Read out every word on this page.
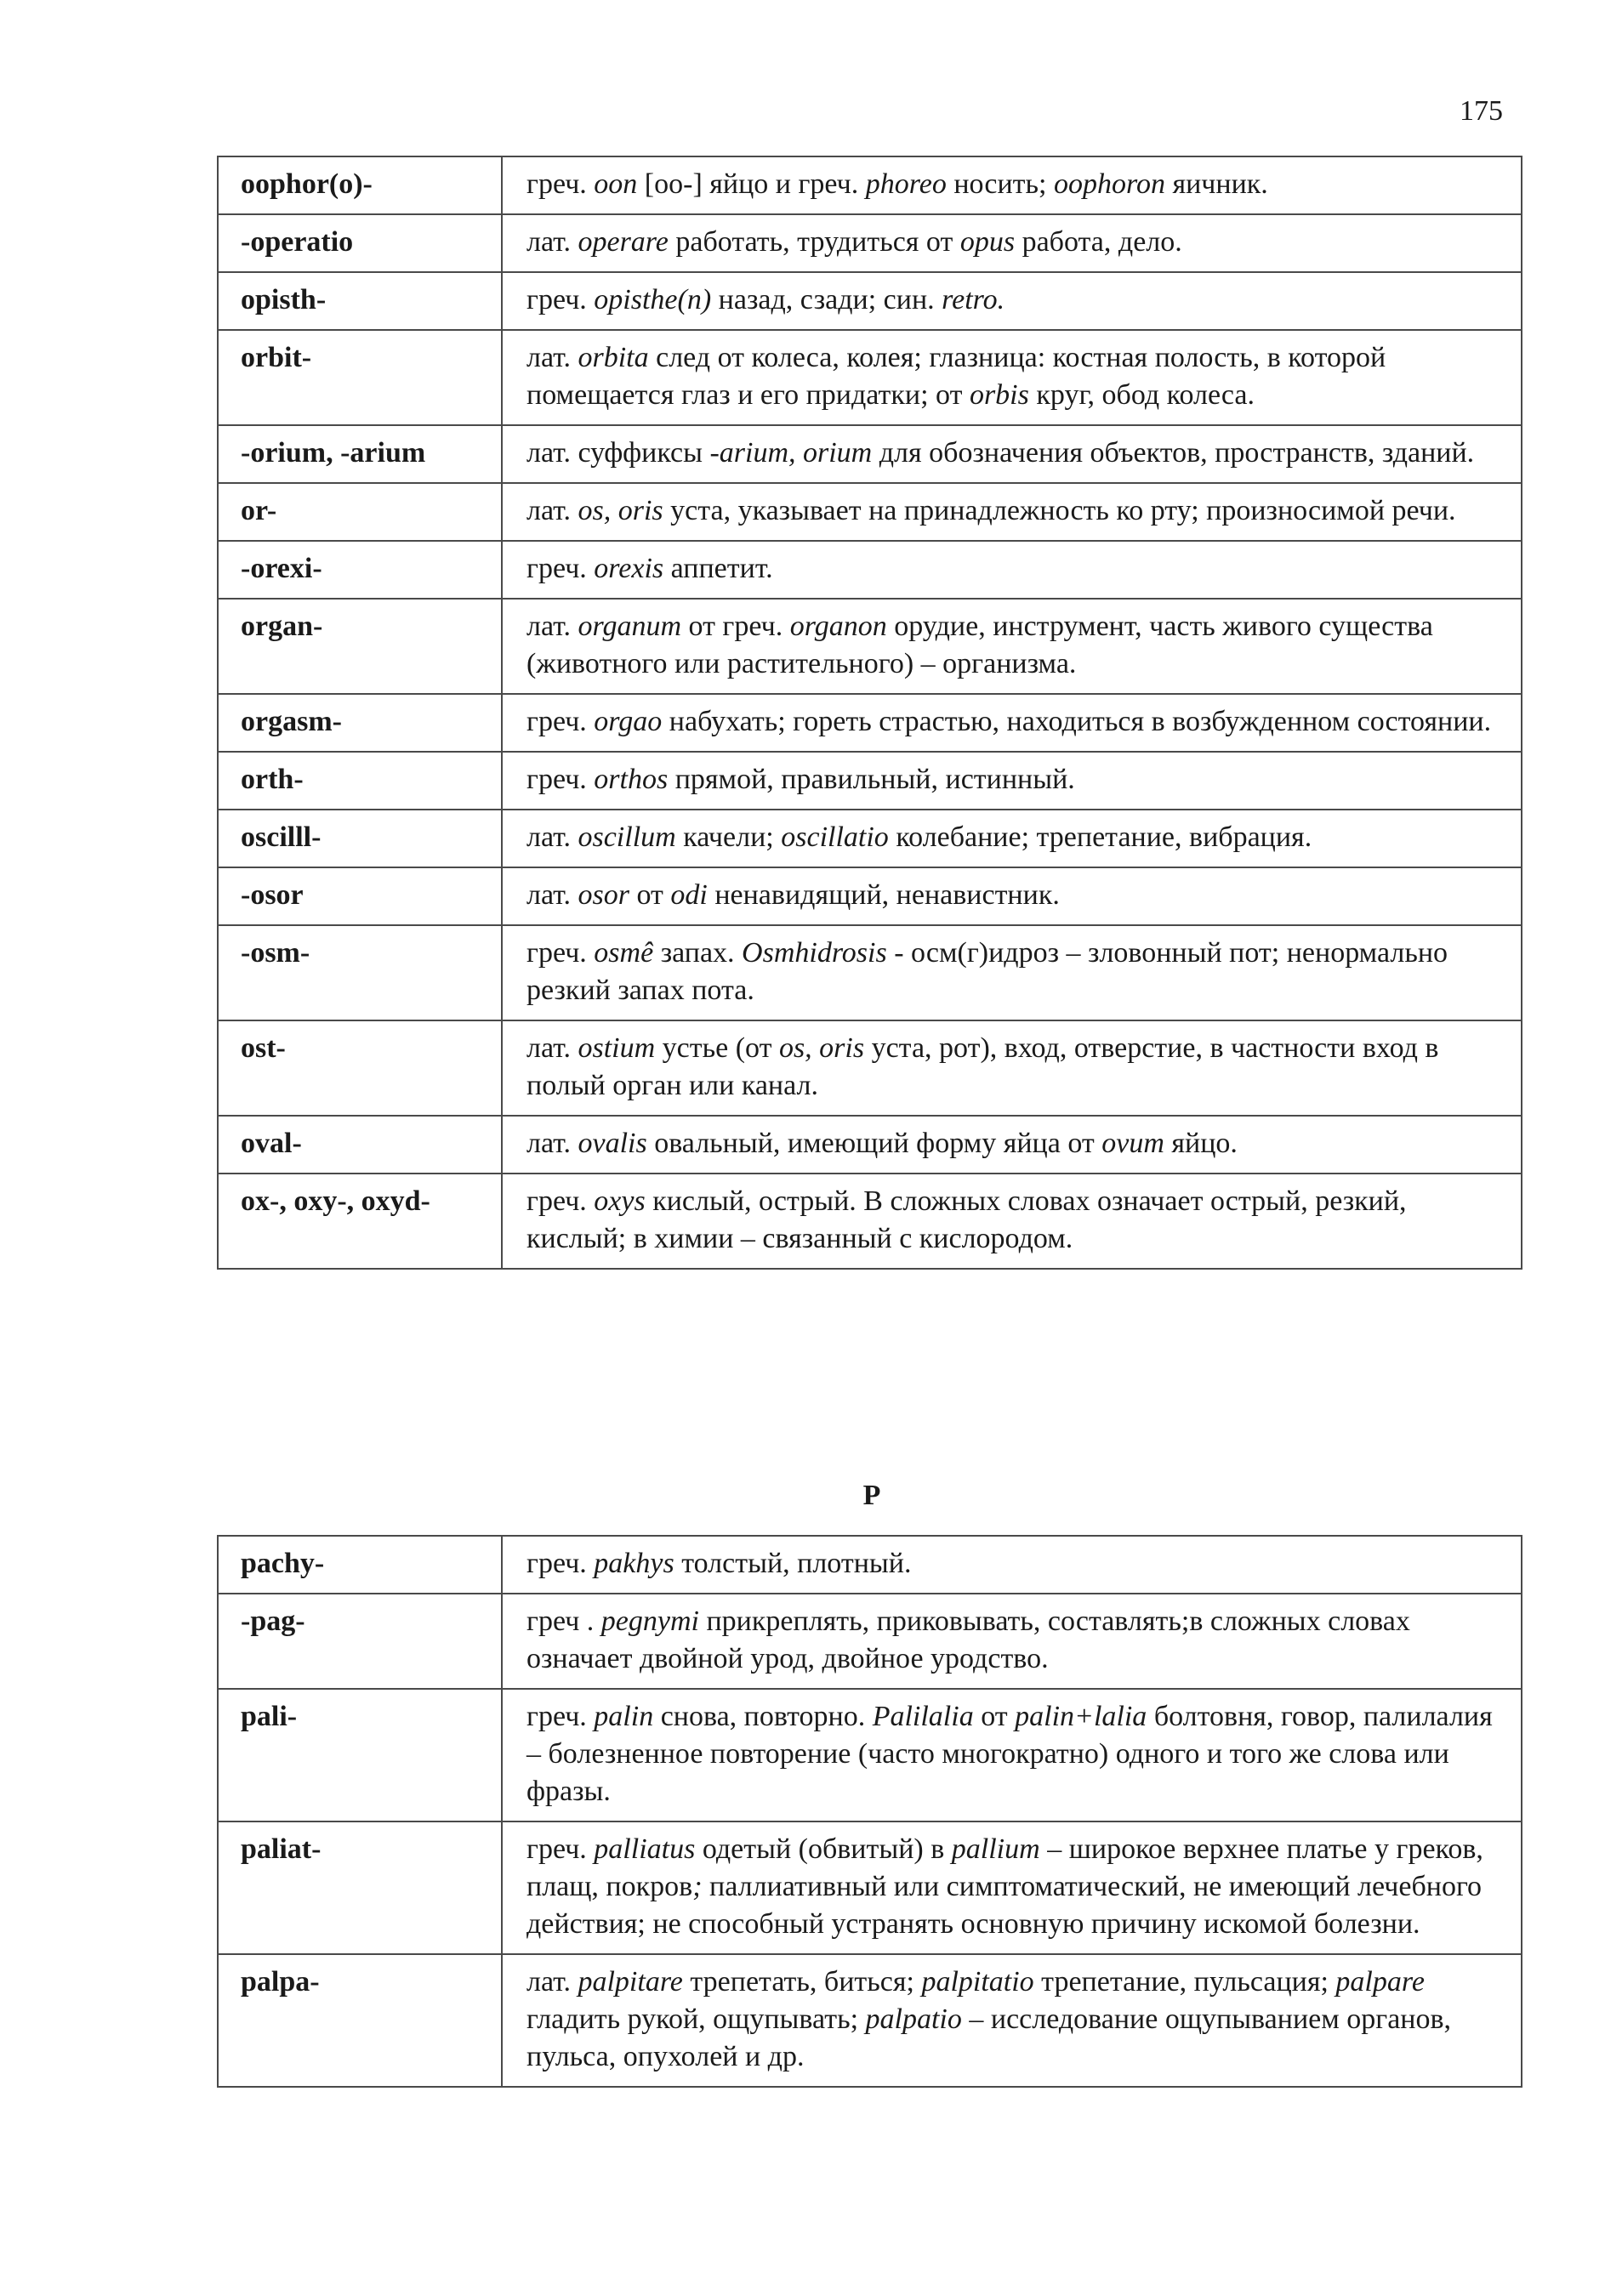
175
oophor(o)-	греч. oon [oo-] яйцо и греч. phoreo носить; oophoron яичник.
-operatio	лат. operare работать, трудиться от opus работа, дело.
opisth-	греч. opisthe(n) назад, сзади; син. retro.
orbit-	лат. orbita след от колеса, колея; глазница: костная полость, в которой помещается глаз и его придатки; от orbis круг, обод колеса.
-orium, -arium	лат. суффиксы -arium, orium для обозначения объектов, пространств, зданий.
or-	лат. os, oris уста, указывает на принадлежность ко рту; произносимой речи.
-orexi-	греч. orexis аппетит.
organ-	лат. organum от греч. organon орудие, инструмент, часть живого существа (животного или растительного) – организма.
orgasm-	греч. orgao набухать; гореть страстью, находиться в возбужденном состоянии.
orth-	греч. orthos прямой, правильный, истинный.
oscilll-	лат. oscillum качели; oscillatio колебание; трепетание, вибрация.
-osor	лат. osor от odi ненавидящий, ненавистник.
-osm-	греч. osmê запах. Osmhidrosis - осм(г)идроз – зловонный пот; ненормально резкий запах пота.
ost-	лат. ostium устье (от os, oris уста, рот), вход, отверстие, в частности вход в полый орган или канал.
oval-	лат. ovalis овальный, имеющий форму яйца от ovum яйцо.
ox-, oxy-, oxyd-	греч. oxys кислый, острый. В сложных словах означает острый, резкий, кислый; в химии – связанный с кислородом.
P
pachy-	греч. pakhys толстый, плотный.
-pag-	греч . pegnymi прикреплять, приковывать, составлять;в сложных словах означает двойной урод, двойное уродство.
pali-	греч. palin снова, повторно. Palilalia от palin+lalia болтовня, говор, палилалия – болезненное повторение (часто многократно) одного и того же слова или фразы.
paliat-	греч. palliatus одетый (обвитый) в pallium – широкое верхнее платье у греков, плащ, покров; паллиативный или симптоматический, не имеющий лечебного действия; не способный устранять основную причину искомой болезни.
palpa-	лат. palpitare трепетать, биться; palpitatio трепетание, пульсация; palpare гладить рукой, ощупывать; palpatio – исследование ощупыванием органов, пульса, опухолей и др.
